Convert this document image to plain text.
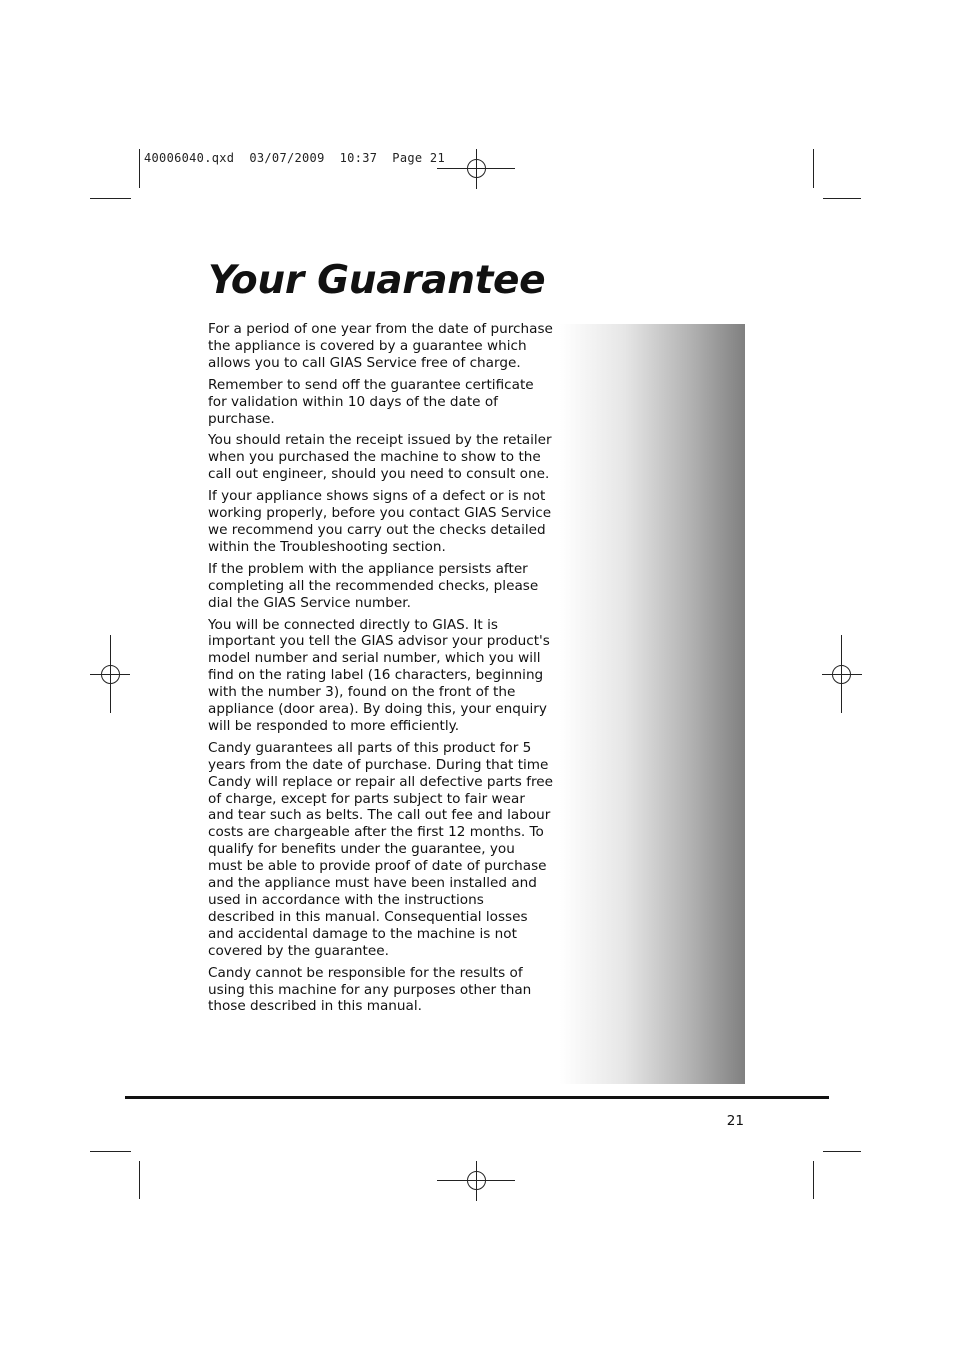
40006040.qxd  03/07/2009  10:37  Page 21
Your Guarantee

For a period of one year from the date of purchase the appliance is covered by a guarantee which allows you to call GIAS Service free of charge.

Remember to send off the guarantee certificate for validation within 10 days of the date of purchase.

You should retain the receipt issued by the retailer when you purchased the machine to show to the call out engineer, should you need to consult one.

If your appliance shows signs of a defect or is not working properly, before you contact GIAS Service we recommend you carry out the checks detailed within the Troubleshooting section.

If the problem with the appliance persists after completing all the recommended checks, please dial the GIAS Service number.

You will be connected directly to GIAS. It is important you tell the GIAS advisor your product's model number and serial number, which you will find on the rating label (16 characters, beginning with the number 3), found on the front of the appliance (door area). By doing this, your enquiry will be responded to more efficiently.

Candy guarantees all parts of this product for 5 years from the date of purchase. During that time Candy will replace or repair all defective parts free of charge, except for parts subject to fair wear and tear such as belts. The call out fee and labour costs are chargeable after the first 12 months. To qualify for benefits under the guarantee, you must be able to provide proof of date of purchase and the appliance must have been installed and used in accordance with the instructions described in this manual. Consequential losses and accidental damage to the machine is not covered by the guarantee.

Candy cannot be responsible for the results of using this machine for any purposes other than those described in this manual.

21
